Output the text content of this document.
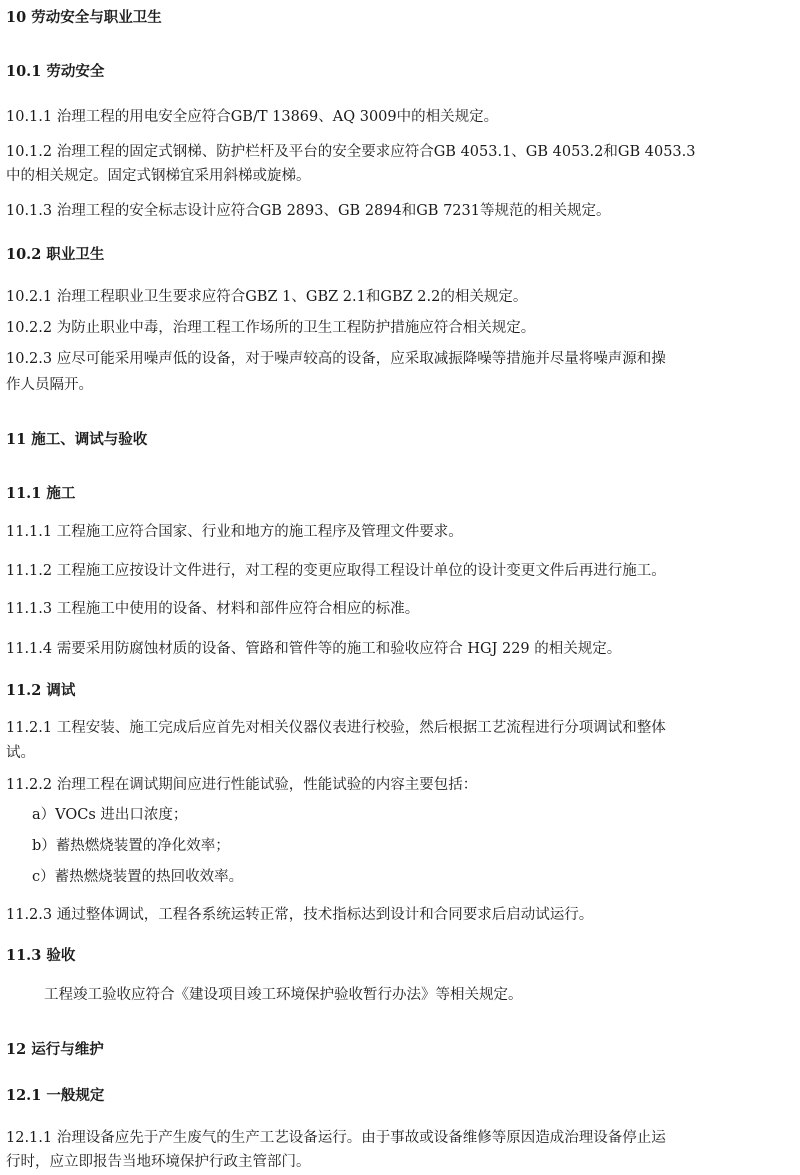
10 劳动安全与职业卫生
10.1 劳动安全
10.1.1 治理工程的用电安全应符合GB/T 13869、AQ 3009中的相关规定。
10.1.2 治理工程的固定式钢梯、防护栏杆及平台的安全要求应符合GB 4053.1、GB 4053.2和GB 4053.3
中的相关规定。固定式钢梯宜采用斜梯或旋梯。
10.1.3 治理工程的安全标志设计应符合GB 2893、GB 2894和GB 7231等规范的相关规定。
10.2 职业卫生
10.2.1 治理工程职业卫生要求应符合GBZ 1、GBZ 2.1和GBZ 2.2的相关规定。
10.2.2 为防止职业中毒，治理工程工作场所的卫生工程防护措施应符合相关规定。
10.2.3 应尽可能采用噪声低的设备，对于噪声较高的设备，应采取减振降噪等措施并尽量将噪声源和操
作人员隔开。
11 施工、调试与验收
11.1 施工
11.1.1 工程施工应符合国家、行业和地方的施工程序及管理文件要求。
11.1.2 工程施工应按设计文件进行，对工程的变更应取得工程设计单位的设计变更文件后再进行施工。
11.1.3 工程施工中使用的设备、材料和部件应符合相应的标准。
11.1.4 需要采用防腐蚀材质的设备、管路和管件等的施工和验收应符合 HGJ 229 的相关规定。
11.2 调试
11.2.1 工程安装、施工完成后应首先对相关仪器仪表进行校验，然后根据工艺流程进行分项调试和整体
试。
11.2.2 治理工程在调试期间应进行性能试验，性能试验的内容主要包括：
a）VOCs 进出口浓度；
b）蓄热燃烧装置的净化效率；
c）蓄热燃烧装置的热回收效率。
11.2.3 通过整体调试，工程各系统运转正常，技术指标达到设计和合同要求后启动试运行。
11.3 验收
工程竣工验收应符合《建设项目竣工环境保护验收暂行办法》等相关规定。
12 运行与维护
12.1 一般规定
12.1.1 治理设备应先于产生废气的生产工艺设备运行。由于事故或设备维修等原因造成治理设备停止运
行时，应立即报告当地环境保护行政主管部门。
